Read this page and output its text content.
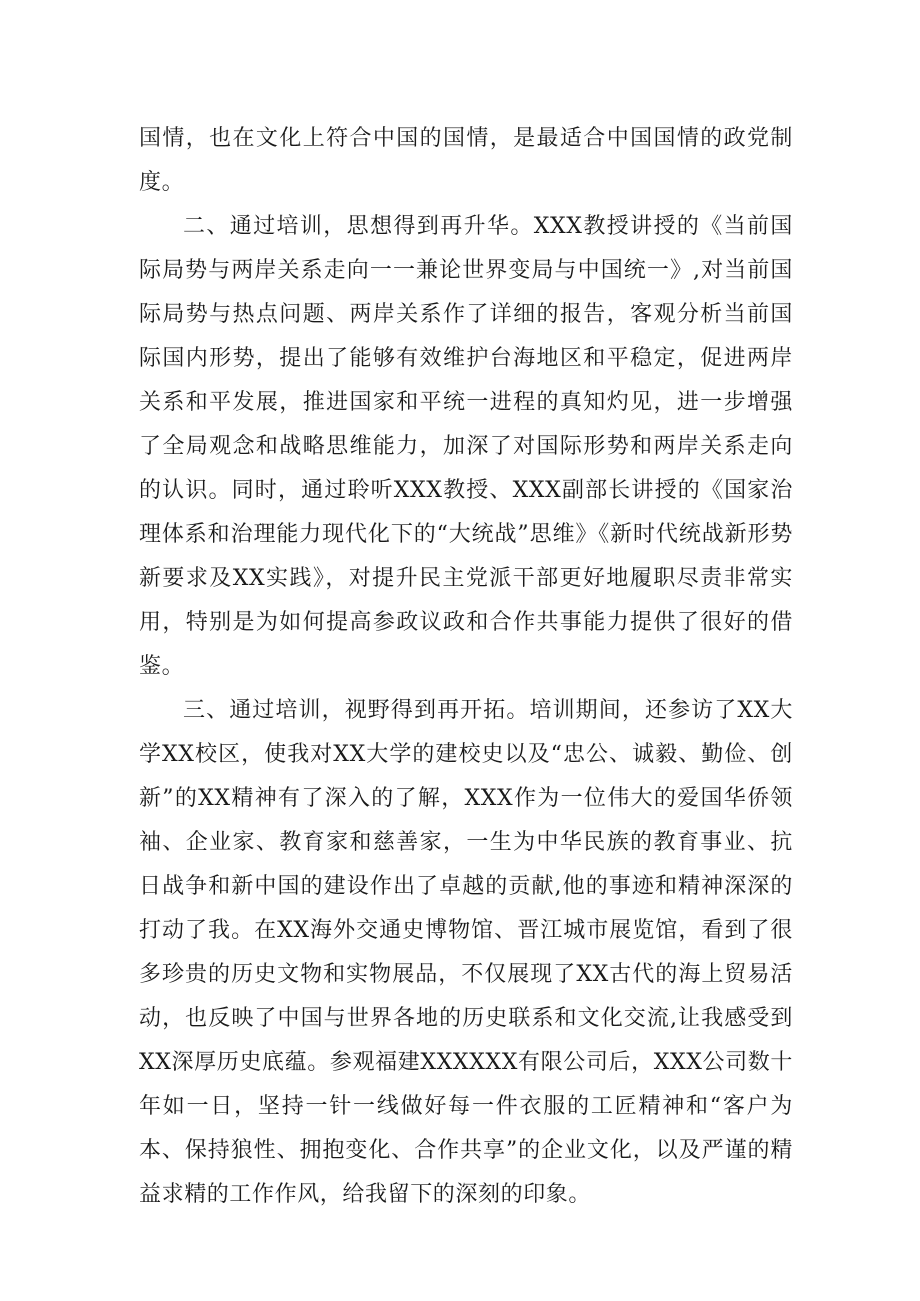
国情，也在文化上符合中国的国情，是最适合中国国情的政党制度。

二、通过培训，思想得到再升华。XXX教授讲授的《当前国际局势与两岸关系走向一一兼论世界变局与中国统一》,对当前国际局势与热点问题、两岸关系作了详细的报告，客观分析当前国际国内形势，提出了能够有效维护台海地区和平稳定，促进两岸关系和平发展，推进国家和平统一进程的真知灼见，进一步增强了全局观念和战略思维能力，加深了对国际形势和两岸关系走向的认识。同时，通过聆听XXX教授、XXX副部长讲授的《国家治理体系和治理能力现代化下的“大统战”思维》《新时代统战新形势新要求及XX实践》，对提升民主党派干部更好地履职尽责非常实用，特别是为如何提高参政议政和合作共事能力提供了很好的借鉴。

三、通过培训，视野得到再开拓。培训期间，还参访了XX大学XX校区，使我对XX大学的建校史以及“忠公、诚毅、勤俭、创新”的XX精神有了深入的了解，XXX作为一位伟大的爱国华侨领袖、企业家、教育家和慈善家，一生为中华民族的教育事业、抗日战争和新中国的建设作出了卓越的贡献,他的事迹和精神深深的打动了我。在XX海外交通史博物馆、晋江城市展览馆，看到了很多珍贵的历史文物和实物展品，不仅展现了XX古代的海上贸易活动，也反映了中国与世界各地的历史联系和文化交流,让我感受到XX深厚历史底蕴。参观福建XXXXXX有限公司后，XXX公司数十年如一日，坚持一针一线做好每一件衣服的工匠精神和“客户为本、保持狼性、拥抱变化、合作共享”的企业文化，以及严谨的精益求精的工作作风，给我留下的深刻的印象。
